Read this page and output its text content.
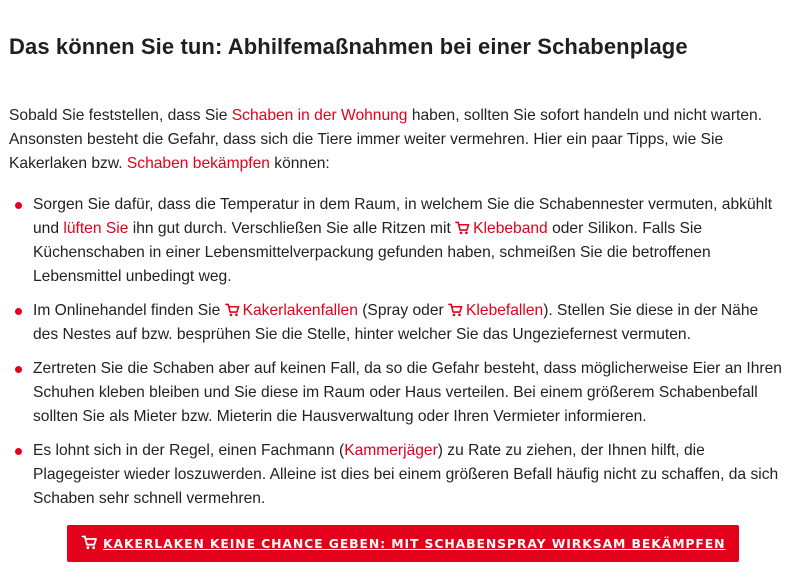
Das können Sie tun: Abhilfemaßnahmen bei einer Schabenplage

Sobald Sie feststellen, dass Sie Schaben in der Wohnung haben, sollten Sie sofort handeln und nicht warten. Ansonsten besteht die Gefahr, dass sich die Tiere immer weiter vermehren. Hier ein paar Tipps, wie Sie Kakerlaken bzw. Schaben bekämpfen können:

Sorgen Sie dafür, dass die Temperatur in dem Raum, in welchem Sie die Schabennester vermuten, abkühlt und lüften Sie ihn gut durch. Verschließen Sie alle Ritzen mit Klebeband oder Silikon. Falls Sie Küchenschaben in einer Lebensmittelverpackung gefunden haben, schmeißen Sie die betroffenen Lebensmittel unbedingt weg.
Im Onlinehandel finden Sie Kakerlakenfallen (Spray oder Klebefallen). Stellen Sie diese in der Nähe des Nestes auf bzw. besprühen Sie die Stelle, hinter welcher Sie das Ungeziefernest vermuten.
Zertreten Sie die Schaben aber auf keinen Fall, da so die Gefahr besteht, dass möglicherweise Eier an Ihren Schuhen kleben bleiben und Sie diese im Raum oder Haus verteilen. Bei einem größerem Schabenbefall sollten Sie als Mieter bzw. Mieterin die Hausverwaltung oder Ihren Vermieter informieren.
Es lohnt sich in der Regel, einen Fachmann (Kammerjäger) zu Rate zu ziehen, der Ihnen hilft, die Plagegeister wieder loszuwerden. Alleine ist dies bei einem größeren Befall häufig nicht zu schaffen, da sich Schaben sehr schnell vermehren.
KAKERLAKEN KEINE CHANCE GEBEN: MIT SCHABENSPRAY WIRKSAM BEKÄMPFEN
